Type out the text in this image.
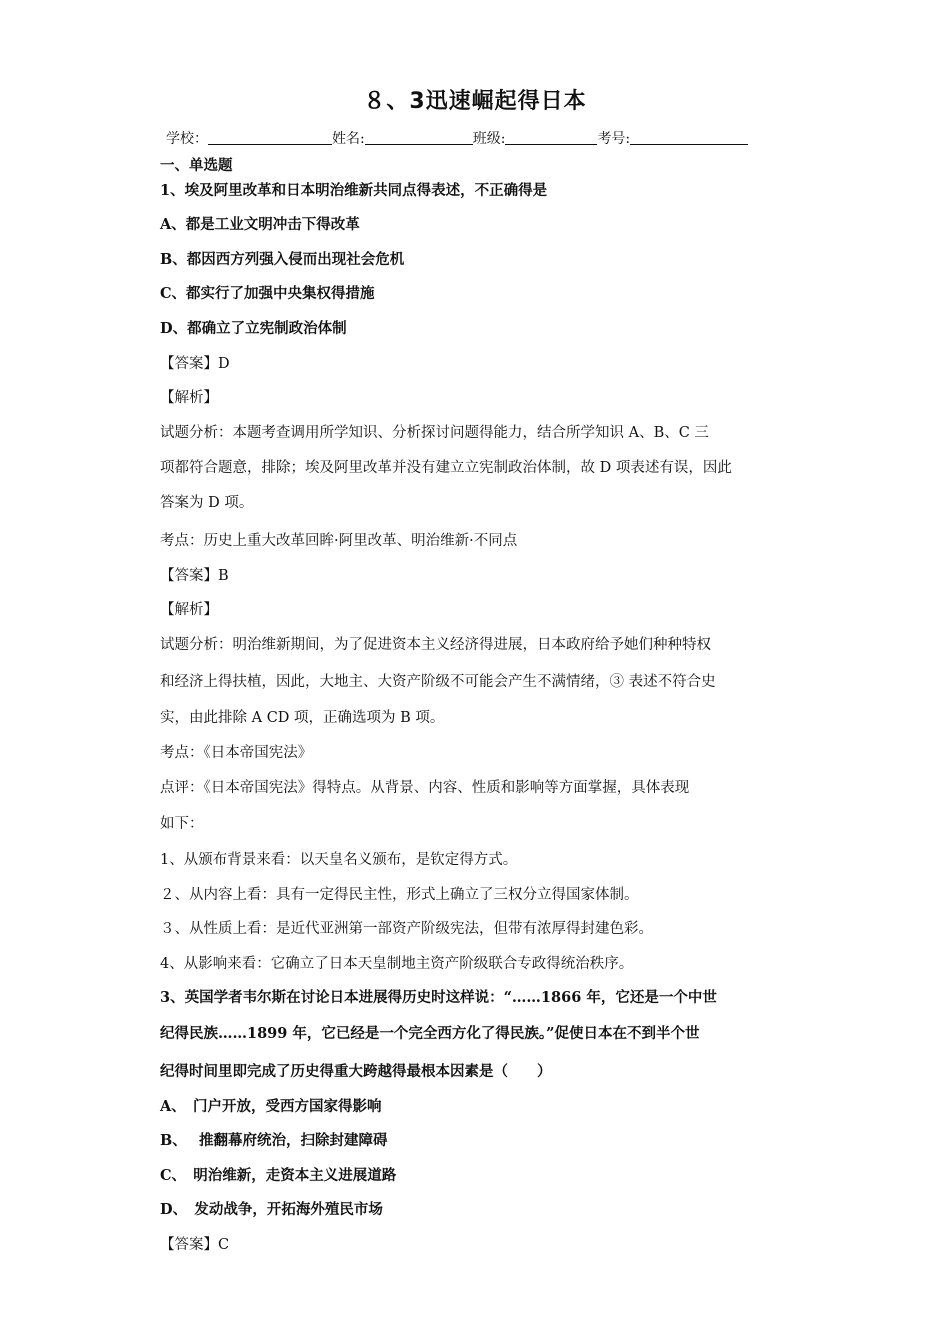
８、3迅速崛起得日本
学校：	姓名:	班级:	考号:
一、单选题
1、埃及阿里改革和日本明治维新共同点得表述，不正确得是
A、都是工业文明冲击下得改革
B、都因西方列强入侵而出现社会危机
C、都实行了加强中央集权得措施
D、都确立了立宪制政治体制
【答案】D
【解析】
试题分析：本题考查调用所学知识、分析探讨问题得能力，结合所学知识 A、B、C 三
项都符合题意，排除；埃及阿里改革并没有建立立宪制政治体制，故 D 项表述有误，因此
答案为 D 项。
考点：历史上重大改革回眸·阿里改革、明治维新·不同点
【答案】B
【解析】
试题分析：明治维新期间，为了促进资本主义经济得进展，日本政府给予她们种种特权
和经济上得扶植，因此，大地主、大资产阶级不可能会产生不满情绪，③ 表述不符合史
实，由此排除 A CD 项，正确选项为 B 项。
考点：《日本帝国宪法》
点评：《日本帝国宪法》得特点。从背景、内容、性质和影响等方面掌握，具体表现
如下：
1、从颁布背景来看：以天皇名义颁布，是钦定得方式。
２、从内容上看：具有一定得民主性，形式上确立了三权分立得国家体制。
３、从性质上看：是近代亚洲第一部资产阶级宪法，但带有浓厚得封建色彩。
4、从影响来看：它确立了日本天皇制地主资产阶级联合专政得统治秩序。
3、英国学者韦尔斯在讨论日本进展得历史时这样说：“……1866 年，它还是一个中世
纪得民族……1899 年，它已经是一个完全西方化了得民族。”促使日本在不到半个世
纪得时间里即完成了历史得重大跨越得最根本因素是（　　）
A、　门户开放，受西方国家得影响
B、　 推翻幕府统治，扫除封建障碍
C、　明治维新，走资本主义进展道路
D、　发动战争，开拓海外殖民市场
【答案】C
